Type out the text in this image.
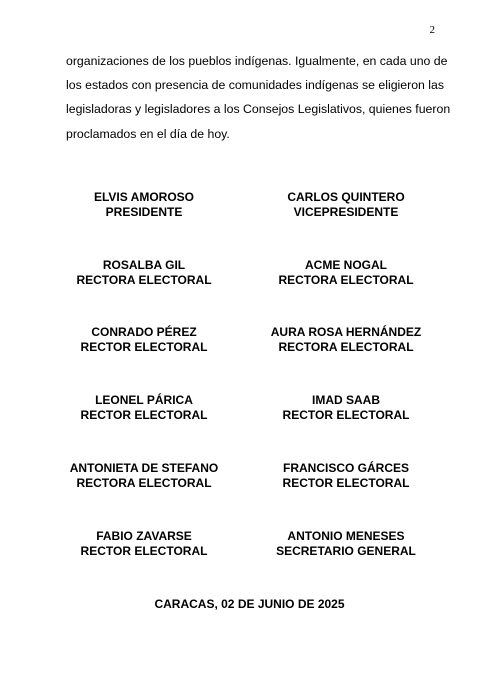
2
organizaciones de los pueblos indígenas. Igualmente, en cada uno de
los estados con presencia de comunidades indígenas se eligieron las
legisladoras y legisladores a los Consejos Legislativos, quienes fueron
proclamados en el día de hoy.
ELVIS AMOROSO
PRESIDENTE
CARLOS QUINTERO
VICEPRESIDENTE
ROSALBA GIL
RECTORA ELECTORAL
ACME NOGAL
RECTORA ELECTORAL
CONRADO PÉREZ
RECTOR ELECTORAL
AURA ROSA HERNÁNDEZ
RECTORA ELECTORAL
LEONEL PÁRICA
RECTOR ELECTORAL
IMAD SAAB
RECTOR ELECTORAL
ANTONIETA DE STEFANO
RECTORA ELECTORAL
FRANCISCO GÁRCES
RECTOR ELECTORAL
FABIO ZAVARSE
RECTOR ELECTORAL
ANTONIO MENESES
SECRETARIO GENERAL
CARACAS, 02 DE JUNIO DE 2025
